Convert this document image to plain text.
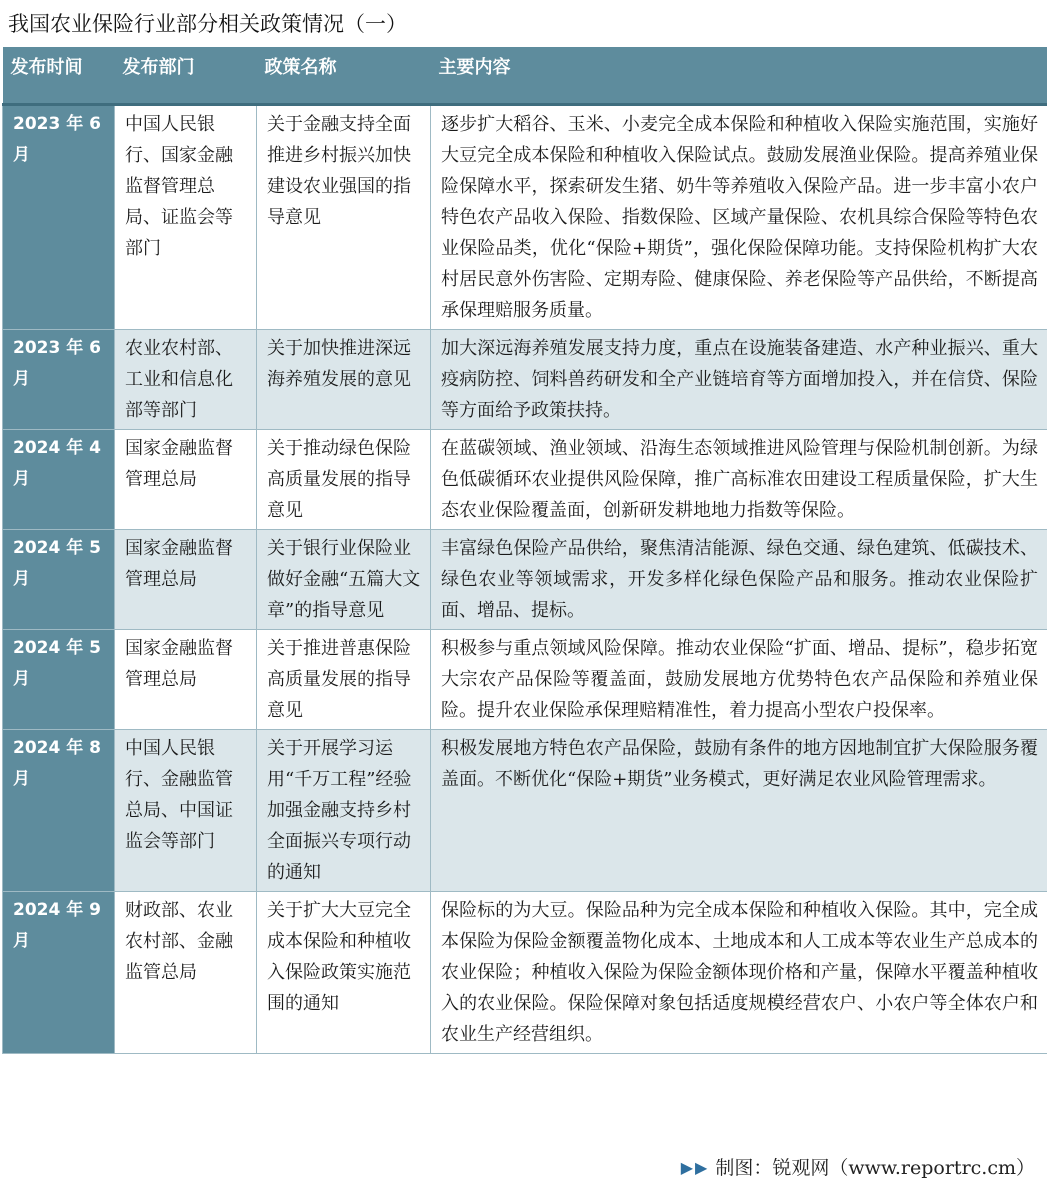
我国农业保险行业部分相关政策情况（一）
发布时间	发布部门	政策名称	主要内容
2023 年 6 月	中国人民银行、国家金融监督管理总局、证监会等部门	关于金融支持全面推进乡村振兴加快建设农业强国的指导意见	逐步扩大稻谷、玉米、小麦完全成本保险和种植收入保险实施范围，实施好大豆完全成本保险和种植收入保险试点。鼓励发展渔业保险。提高养殖业保险保障水平，探索研发生猪、奶牛等养殖收入保险产品。进一步丰富小农户特色农产品收入保险、指数保险、区域产量保险、农机具综合保险等特色农业保险品类，优化“保险+期货”，强化保险保障功能。支持保险机构扩大农村居民意外伤害险、定期寿险、健康保险、养老保险等产品供给，不断提高承保理赔服务质量。
2023 年 6 月	农业农村部、工业和信息化部等部门	关于加快推进深远海养殖发展的意见	加大深远海养殖发展支持力度，重点在设施装备建造、水产种业振兴、重大疫病防控、饲料兽药研发和全产业链培育等方面增加投入，并在信贷、保险等方面给予政策扶持。
2024 年 4 月	国家金融监督管理总局	关于推动绿色保险高质量发展的指导意见	在蓝碳领域、渔业领域、沿海生态领域推进风险管理与保险机制创新。为绿色低碳循环农业提供风险保障，推广高标准农田建设工程质量保险，扩大生态农业保险覆盖面，创新研发耕地地力指数等保险。
2024 年 5 月	国家金融监督管理总局	关于银行业保险业做好金融“五篇大文章”的指导意见	丰富绿色保险产品供给，聚焦清洁能源、绿色交通、绿色建筑、低碳技术、绿色农业等领域需求，开发多样化绿色保险产品和服务。推动农业保险扩面、增品、提标。
2024 年 5 月	国家金融监督管理总局	关于推进普惠保险高质量发展的指导意见	积极参与重点领域风险保障。推动农业保险“扩面、增品、提标”，稳步拓宽大宗农产品保险等覆盖面，鼓励发展地方优势特色农产品保险和养殖业保险。提升农业保险承保理赔精准性，着力提高小型农户投保率。
2024 年 8 月	中国人民银行、金融监管总局、中国证监会等部门	关于开展学习运用“千万工程”经验加强金融支持乡村全面振兴专项行动的通知	积极发展地方特色农产品保险，鼓励有条件的地方因地制宜扩大保险服务覆盖面。不断优化“保险+期货”业务模式，更好满足农业风险管理需求。
2024 年 9 月	财政部、农业农村部、金融监管总局	关于扩大大豆完全成本保险和种植收入保险政策实施范围的通知	保险标的为大豆。保险品种为完全成本保险和种植收入保险。其中，完全成本保险为保险金额覆盖物化成本、土地成本和人工成本等农业生产总成本的农业保险；种植收入保险为保险金额体现价格和产量，保障水平覆盖种植收入的农业保险。保险保障对象包括适度规模经营农户、小农户等全体农户和农业生产经营组织。
▶▶ 制图：锐观网（www.reportrc.cm）
